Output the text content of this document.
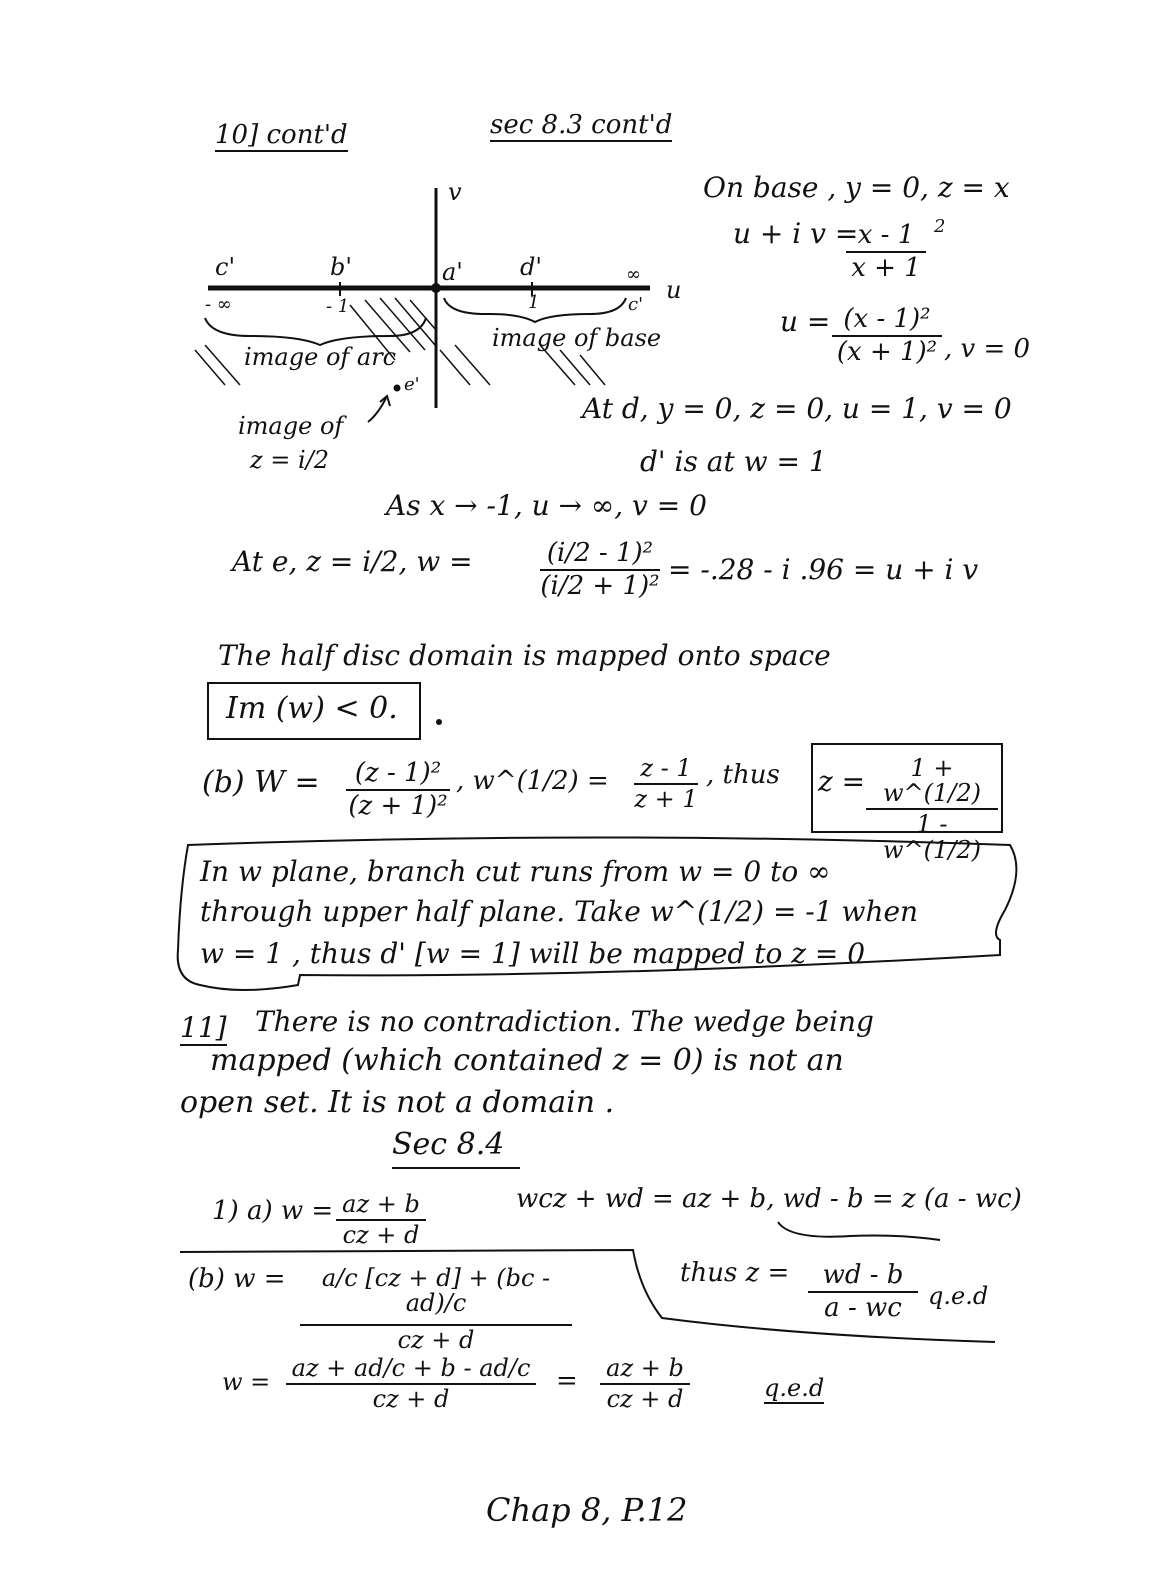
10] cont'd	sec 8.3 cont'd
v
u
c'	b'	a' d'	∞
c'
- ∞	- 1	1
image of arc
image of base
e'
image of
z = i/2
On base , y = 0, z = x
u + i v = x - 1
x + 1
2
u = (x - 1)²
(x + 1)² , v = 0
At d, y = 0, z = 0, u = 1, v = 0
d' is at w = 1
As x → -1, u → ∞, v = 0
At e, z = i/2, w =	(i/2 - 1)²
(i/2 + 1)²
= -.28 - i .96 = u + i v
The half disc domain is mapped onto space
Im (w) < 0.
(b) W =	(z - 1)²
(z + 1)²
, w^(1/2) = z - 1
z + 1
, thus z =	1 + w^(1/2)
1 - w^(1/2)
In w plane, branch cut runs from w = 0 to ∞
through upper half plane. Take w^(1/2) = -1 when
w = 1 , thus d' [w = 1] will be mapped to z = 0
11] There is no contradiction. The wedge being
mapped (which contained z = 0) is not an
open set. It is not a domain .
Sec 8.4
1) a) w = az + b
cz + d
wcz + wd = az + b, wd - b = z (a - wc)
thus z =	wd - b
a - wc	q.e.d
(b) w =	a/c [cz + d] + (bc - ad)/c
cz + d
w = az + ad/c + b - ad/c
cz + d
= az + b
cz + d	q.e.d
Chap 8, P.12
